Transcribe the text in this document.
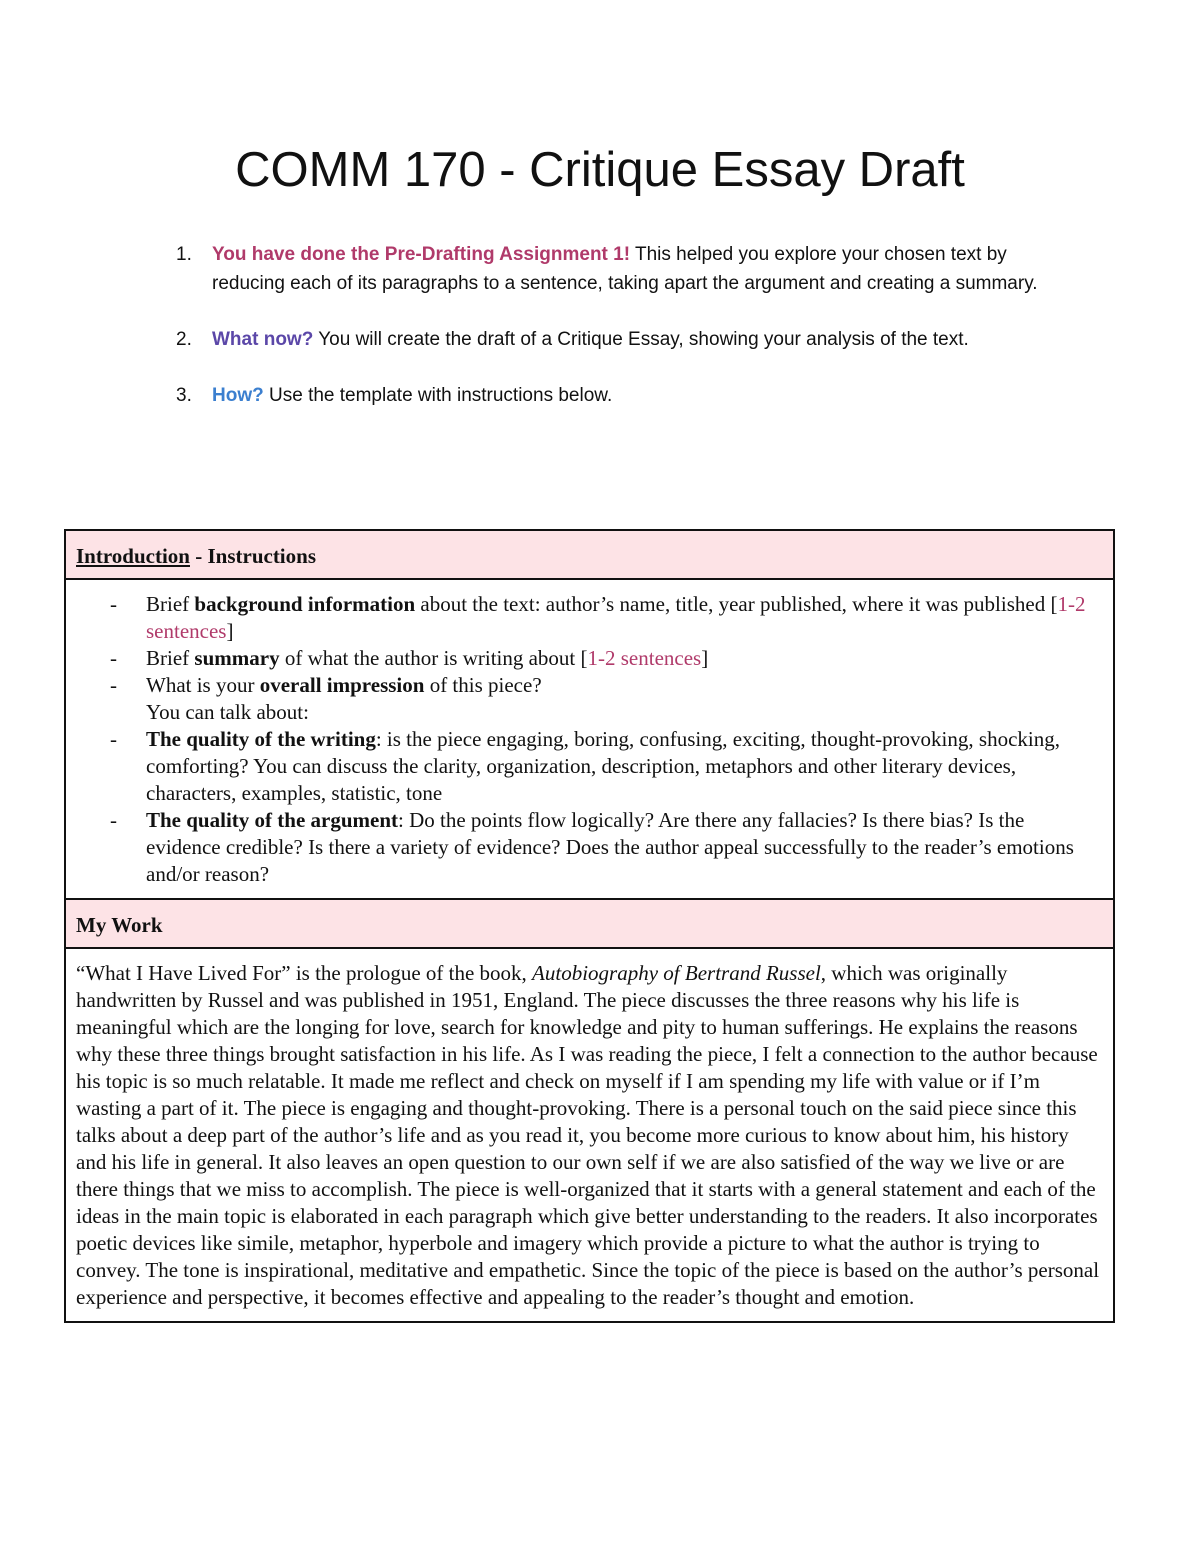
COMM 170 - Critique Essay Draft
1. You have done the Pre-Drafting Assignment 1! This helped you explore your chosen text by reducing each of its paragraphs to a sentence, taking apart the argument and creating a summary.
2. What now? You will create the draft of a Critique Essay, showing your analysis of the text.
3. How? Use the template with instructions below.
Introduction - Instructions
- Brief background information about the text: author’s name, title, year published, where it was published [1-2 sentences]
- Brief summary of what the author is writing about [1-2 sentences]
- What is your overall impression of this piece?
You can talk about:
- The quality of the writing: is the piece engaging, boring, confusing, exciting, thought-provoking, shocking, comforting? You can discuss the clarity, organization, description, metaphors and other literary devices, characters, examples, statistic, tone
- The quality of the argument: Do the points flow logically? Are there any fallacies? Is there bias? Is the evidence credible? Is there a variety of evidence? Does the author appeal successfully to the reader’s emotions and/or reason?
My Work

“What I Have Lived For” is the prologue of the book, Autobiography of Bertrand Russel, which was originally handwritten by Russel and was published in 1951, England. The piece discusses the three reasons why his life is meaningful which are the longing for love, search for knowledge and pity to human sufferings. He explains the reasons why these three things brought satisfaction in his life. As I was reading the piece, I felt a connection to the author because his topic is so much relatable. It made me reflect and check on myself if I am spending my life with value or if I’m wasting a part of it. The piece is engaging and thought-provoking. There is a personal touch on the said piece since this talks about a deep part of the author’s life and as you read it, you become more curious to know about him, his history and his life in general. It also leaves an open question to our own self if we are also satisfied of the way we live or are there things that we miss to accomplish. The piece is well-organized that it starts with a general statement and each of the ideas in the main topic is elaborated in each paragraph which give better understanding to the readers. It also incorporates poetic devices like simile, metaphor, hyperbole and imagery which provide a picture to what the author is trying to convey. The tone is inspirational, meditative and empathetic. Since the topic of the piece is based on the author’s personal experience and perspective, it becomes effective and appealing to the reader’s thought and emotion.
